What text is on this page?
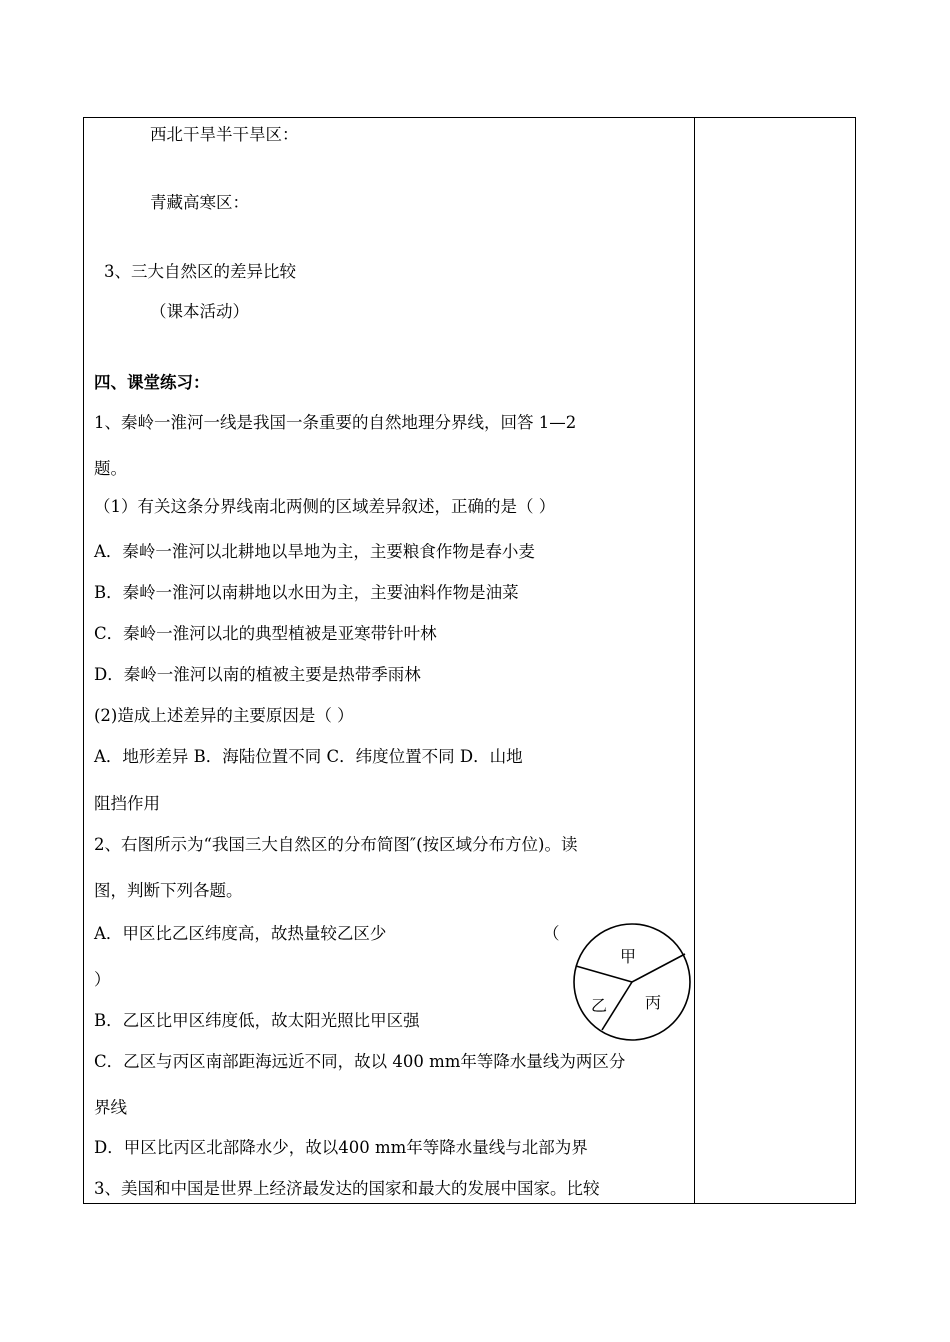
西北干旱半干旱区：
青藏高寒区：
3、三大自然区的差异比较
（课本活动）
四、课堂练习：
1、秦岭一淮河一线是我国一条重要的自然地理分界线，回答 1—2
题。
（1）有关这条分界线南北两侧的区域差异叙述，正确的是（ ）
A．秦岭一淮河以北耕地以旱地为主，主要粮食作物是春小麦
B．秦岭一淮河以南耕地以水田为主，主要油料作物是油菜
C．秦岭一淮河以北的典型植被是亚寒带针叶林
D．秦岭一淮河以南的植被主要是热带季雨林
(2)造成上述差异的主要原因是（ ）
A．地形差异 B．海陆位置不同 C．纬度位置不同 D．山地
阻挡作用
2、右图所示为“我国三大自然区的分布简图″(按区域分布方位)。读
图，判断下列各题。
A．甲区比乙区纬度高，故热量较乙区少	（
）
B．乙区比甲区纬度低，故太阳光照比甲区强
C．乙区与丙区南部距海远近不同，故以 400 mm年等降水量线为两区分
界线
D．甲区比丙区北部降水少，故以400 mm年等降水量线与北部为界
3、美国和中国是世界上经济最发达的国家和最大的发展中国家。比较
甲
乙 丙
